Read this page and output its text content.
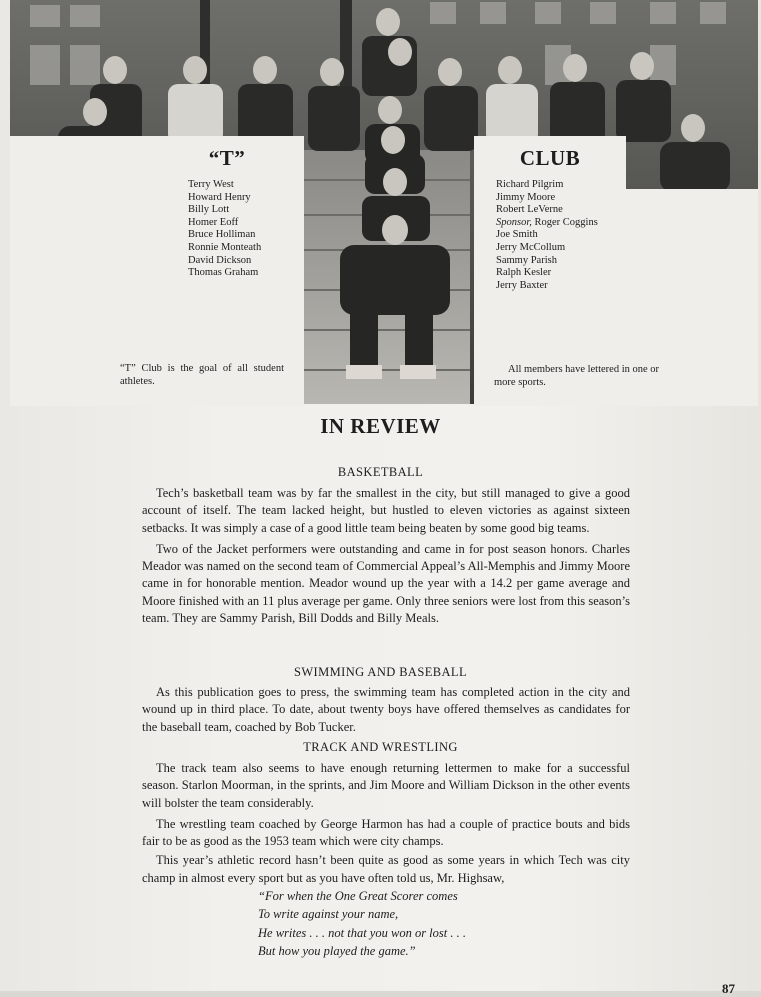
“T”
Terry West
Howard Henry
Billy Lott
Homer Eoff
Bruce Holliman
Ronnie Monteath
David Dickson
Thomas Graham
“T” Club is the goal of all student athletes.
CLUB
Richard Pilgrim
Jimmy Moore
Robert LeVerne
Sponsor, Roger Coggins
Joe Smith
Jerry McCollum
Sammy Parish
Ralph Kesler
Jerry Baxter
All members have lettered in one or more sports.
IN REVIEW
BASKETBALL

Tech’s basketball team was by far the smallest in the city, but still managed to give a good account of itself. The team lacked height, but hustled to eleven victories as against sixteen setbacks. It was simply a case of a good little team being beaten by some good big teams.

Two of the Jacket performers were outstanding and came in for post season honors. Charles Meador was named on the second team of Commercial Appeal’s All-Memphis and Jimmy Moore came in for honorable mention. Meador wound up the year with a 14.2 per game average and Moore finished with an 11 plus average per game. Only three seniors were lost from this season’s team. They are Sammy Parish, Bill Dodds and Billy Meals.

SWIMMING AND BASEBALL

As this publication goes to press, the swimming team has completed action in the city and wound up in third place. To date, about twenty boys have offered themselves as candidates for the baseball team, coached by Bob Tucker.

TRACK AND WRESTLING

The track team also seems to have enough returning lettermen to make for a successful season. Starlon Moorman, in the sprints, and Jim Moore and William Dickson in the other events will bolster the team considerably.

The wrestling team coached by George Harmon has had a couple of practice bouts and bids fair to be as good as the 1953 team which were city champs.

This year’s athletic record hasn’t been quite as good as some years in which Tech was city champ in almost every sport but as you have often told us, Mr. Highsaw,

“For when the One Great Scorer comes
To write against your name,
He writes . . . not that you won or lost . . .
But how you played the game.”
87
